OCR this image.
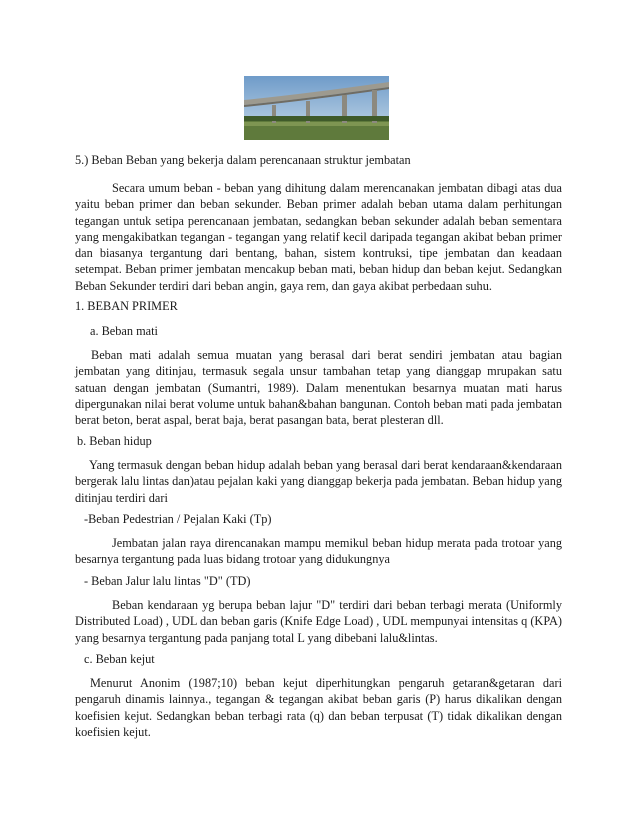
5.) Beban Beban yang bekerja dalam perencanaan struktur jembatan

Secara umum beban - beban yang dihitung dalam merencanakan jembatan dibagi atas dua yaitu beban primer dan beban sekunder. Beban primer adalah beban utama dalam perhitungan tegangan untuk setipa perencanaan jembatan, sedangkan beban sekunder adalah beban sementara yang mengakibatkan tegangan - tegangan yang relatif kecil daripada tegangan akibat beban primer dan biasanya tergantung dari bentang, bahan, sistem kontruksi, tipe jembatan dan keadaan setempat. Beban primer jembatan mencakup beban mati, beban hidup dan beban kejut. Sedangkan Beban Sekunder terdiri dari beban angin, gaya rem, dan gaya akibat perbedaan suhu.

1. BEBAN PRIMER

a. Beban mati

Beban mati adalah semua muatan yang berasal dari berat sendiri jembatan atau bagian jembatan yang ditinjau, termasuk segala unsur tambahan tetap yang dianggap mrupakan satu satuan dengan jembatan (Sumantri, 1989). Dalam menentukan besarnya muatan mati harus dipergunakan nilai berat volume untuk bahan&bahan bangunan. Contoh beban mati pada jembatan berat beton, berat aspal, berat baja, berat pasangan bata, berat plesteran dll.

b. Beban hidup

Yang termasuk dengan beban hidup adalah beban yang berasal dari berat kendaraan&kendaraan bergerak lalu lintas dan)atau pejalan kaki yang dianggap bekerja pada jembatan. Beban hidup yang ditinjau terdiri dari

-Beban Pedestrian / Pejalan Kaki (Tp)

Jembatan jalan raya direncanakan mampu memikul beban hidup merata pada trotoar yang besarnya tergantung pada luas bidang trotoar yang didukungnya

- Beban Jalur lalu lintas "D" (TD)

Beban kendaraan yg berupa beban lajur "D" terdiri dari beban terbagi merata (Uniformly Distributed Load) , UDL dan beban garis (Knife Edge Load) , UDL mempunyai intensitas q (KPA) yang besarnya tergantung pada panjang total L yang dibebani lalu&lintas.

c. Beban kejut

Menurut Anonim (1987;10) beban kejut diperhitungkan pengaruh getaran&getaran dari pengaruh dinamis lainnya., tegangan & tegangan akibat beban garis (P) harus dikalikan dengan koefisien kejut. Sedangkan beban terbagi rata (q) dan beban terpusat (T) tidak dikalikan dengan koefisien kejut.
